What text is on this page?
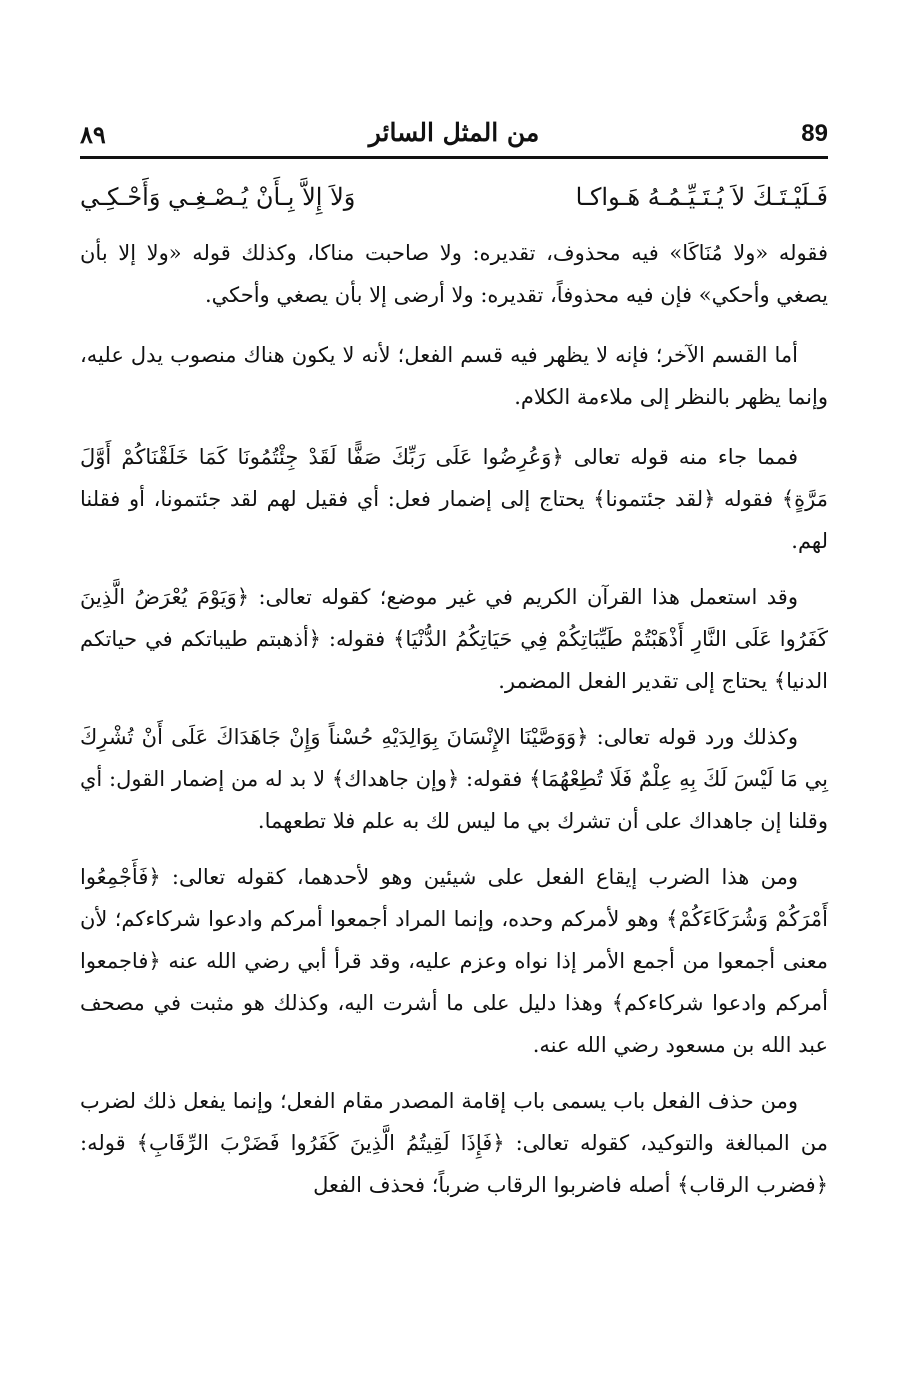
٨٩	من المثل السائر	89
فَـلَيْـتَـكَ لاَ يُـتَـيِّـمُـهُ هَـواكـا
وَلاَ إِلاَّ بِـأَنْ يُـصْـغِـي وَأَحْـكِـي

فقوله «ولا مُنَاكَا» فيه محذوف، تقديره: ولا صاحبت مناكا، وكذلك قوله «ولا إلا بأن يصغي وأحكي» فإن فيه محذوفاً، تقديره: ولا أرضى إلا بأن يصغي وأحكي.

أما القسم الآخر؛ فإنه لا يظهر فيه قسم الفعل؛ لأنه لا يكون هناك منصوب يدل عليه، وإنما يظهر بالنظر إلى ملاءمة الكلام.

فمما جاء منه قوله تعالى ﴿وَعُرِضُوا عَلَى رَبِّكَ صَفًّا لَقَدْ جِئْتُمُونَا كَمَا خَلَقْنَاكُمْ أَوَّلَ مَرَّةٍ﴾ فقوله ﴿لقد جئتمونا﴾ يحتاج إلى إضمار فعل: أي فقيل لهم لقد جئتمونا، أو فقلنا لهم.

وقد استعمل هذا القرآن الكريم في غير موضع؛ كقوله تعالى: ﴿وَيَوْمَ يُعْرَضُ الَّذِينَ كَفَرُوا عَلَى النَّارِ أَذْهَبْتُمْ طَيِّبَاتِكُمْ فِي حَيَاتِكُمُ الدُّنْيَا﴾ فقوله: ﴿أذهبتم طيباتكم في حياتكم الدنيا﴾ يحتاج إلى تقدير الفعل المضمر.

وكذلك ورد قوله تعالى: ﴿وَوَصَّيْنَا الإِنْسَانَ بِوَالِدَيْهِ حُسْناً وَإِنْ جَاهَدَاكَ عَلَى أَنْ تُشْرِكَ بِي مَا لَيْسَ لَكَ بِهِ عِلْمٌ فَلَا تُطِعْهُمَا﴾ فقوله: ﴿وإن جاهداك﴾ لا بد له من إضمار القول: أي وقلنا إن جاهداك على أن تشرك بي ما ليس لك به علم فلا تطعهما.

ومن هذا الضرب إيقاع الفعل على شيئين وهو لأحدهما، كقوله تعالى: ﴿فَأَجْمِعُوا أَمْرَكُمْ وَشُرَكَاءَكُمْ﴾ وهو لأمركم وحده، وإنما المراد أجمعوا أمركم وادعوا شركاءكم؛ لأن معنى أجمعوا من أجمع الأمر إذا نواه وعزم عليه، وقد قرأ أبي رضي الله عنه ﴿فاجمعوا أمركم وادعوا شركاءكم﴾ وهذا دليل على ما أشرت اليه، وكذلك هو مثبت في مصحف عبد الله بن مسعود رضي الله عنه.

ومن حذف الفعل باب يسمى باب إقامة المصدر مقام الفعل؛ وإنما يفعل ذلك لضرب من المبالغة والتوكيد، كقوله تعالى: ﴿فَإِذَا لَقِيتُمُ الَّذِينَ كَفَرُوا فَضَرْبَ الرِّقَابِ﴾ قوله: ﴿فضرب الرقاب﴾ أصله فاضربوا الرقاب ضرباً؛ فحذف الفعل
